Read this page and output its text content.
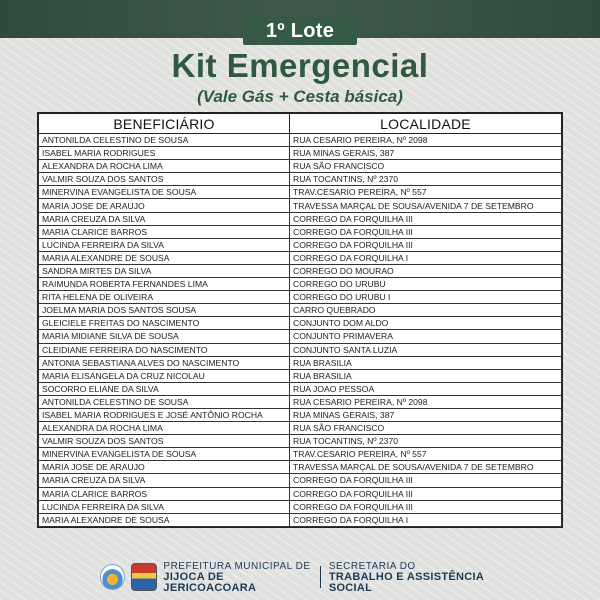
1º Lote
Kit Emergencial
(Vale Gás + Cesta básica)
BENEFICIÁRIO	LOCALIDADE
ANTONILDA CELESTINO DE SOUSA	RUA CESARIO PEREIRA, Nº 2098
ISABEL MARIA RODRIGUES	RUA MINAS GERAIS, 387
ALEXANDRA DA ROCHA LIMA	RUA SÃO FRANCISCO
VALMIR SOUZA DOS SANTOS	RUA TOCANTINS, Nº 2370
MINERVINA EVANGELISTA DE SOUSA	TRAV.CESARIO PEREIRA, Nº 557
MARIA JOSE DE ARAUJO	TRAVESSA MARÇAL DE SOUSA/AVENIDA 7 DE SETEMBRO
MARIA CREUZA DA SILVA	CORREGO DA FORQUILHA III
MARIA CLARICE BARROS	CORREGO DA FORQUILHA III
LUCINDA FERREIRA DA SILVA	CORREGO DA FORQUILHA III
MARIA ALEXANDRE DE SOUSA	CORREGO DA FORQUILHA I
SANDRA MIRTES DA SILVA	CORREGO DO MOURAO
RAIMUNDA ROBERTA FERNANDES LIMA	CORREGO DO URUBU
RITA HELENA DE OLIVEIRA	CORREGO DO URUBU I
JOELMA MARIA DOS SANTOS SOUSA	CARRO QUEBRADO
GLEICIELE FREITAS DO NASCIMENTO	CONJUNTO DOM ALDO
MARIA MIDIANE SILVA DE SOUSA	CONJUNTO PRIMAVERA
CLEIDIANE FERREIRA DO NASCIMENTO	CONJUNTO SANTA LUZIA
ANTONIA SEBASTIANA ALVES DO NASCIMENTO	RUA BRASILIA
MARIA ELISANGELA DA CRUZ NICOLAU	RUA BRASILIA
SOCORRO ELIANE DA SILVA	RUA JOAO PESSOA
ANTONILDA CELESTINO DE SOUSA	RUA CESARIO PEREIRA, Nº 2098
ISABEL MARIA RODRIGUES E JOSÉ ANTÔNIO ROCHA	RUA MINAS GERAIS, 387
ALEXANDRA DA ROCHA LIMA	RUA SÃO FRANCISCO
VALMIR SOUZA DOS SANTOS	RUA TOCANTINS, Nº 2370
MINERVINA EVANGELISTA DE SOUSA	TRAV.CESARIO PEREIRA, Nº 557
MARIA JOSE DE ARAUJO	TRAVESSA MARÇAL DE SOUSA/AVENIDA 7 DE SETEMBRO
MARIA CREUZA DA SILVA	CORREGO DA FORQUILHA III
MARIA CLARICE BARROS	CORREGO DA FORQUILHA III
LUCINDA FERREIRA DA SILVA	CORREGO DA FORQUILHA III
MARIA ALEXANDRE DE SOUSA	CORREGO DA FORQUILHA I
PREFEITURA MUNICIPAL DE
JIJOCA DE JERICOACOARA
SECRETARIA DO
TRABALHO E ASSISTÊNCIA SOCIAL
